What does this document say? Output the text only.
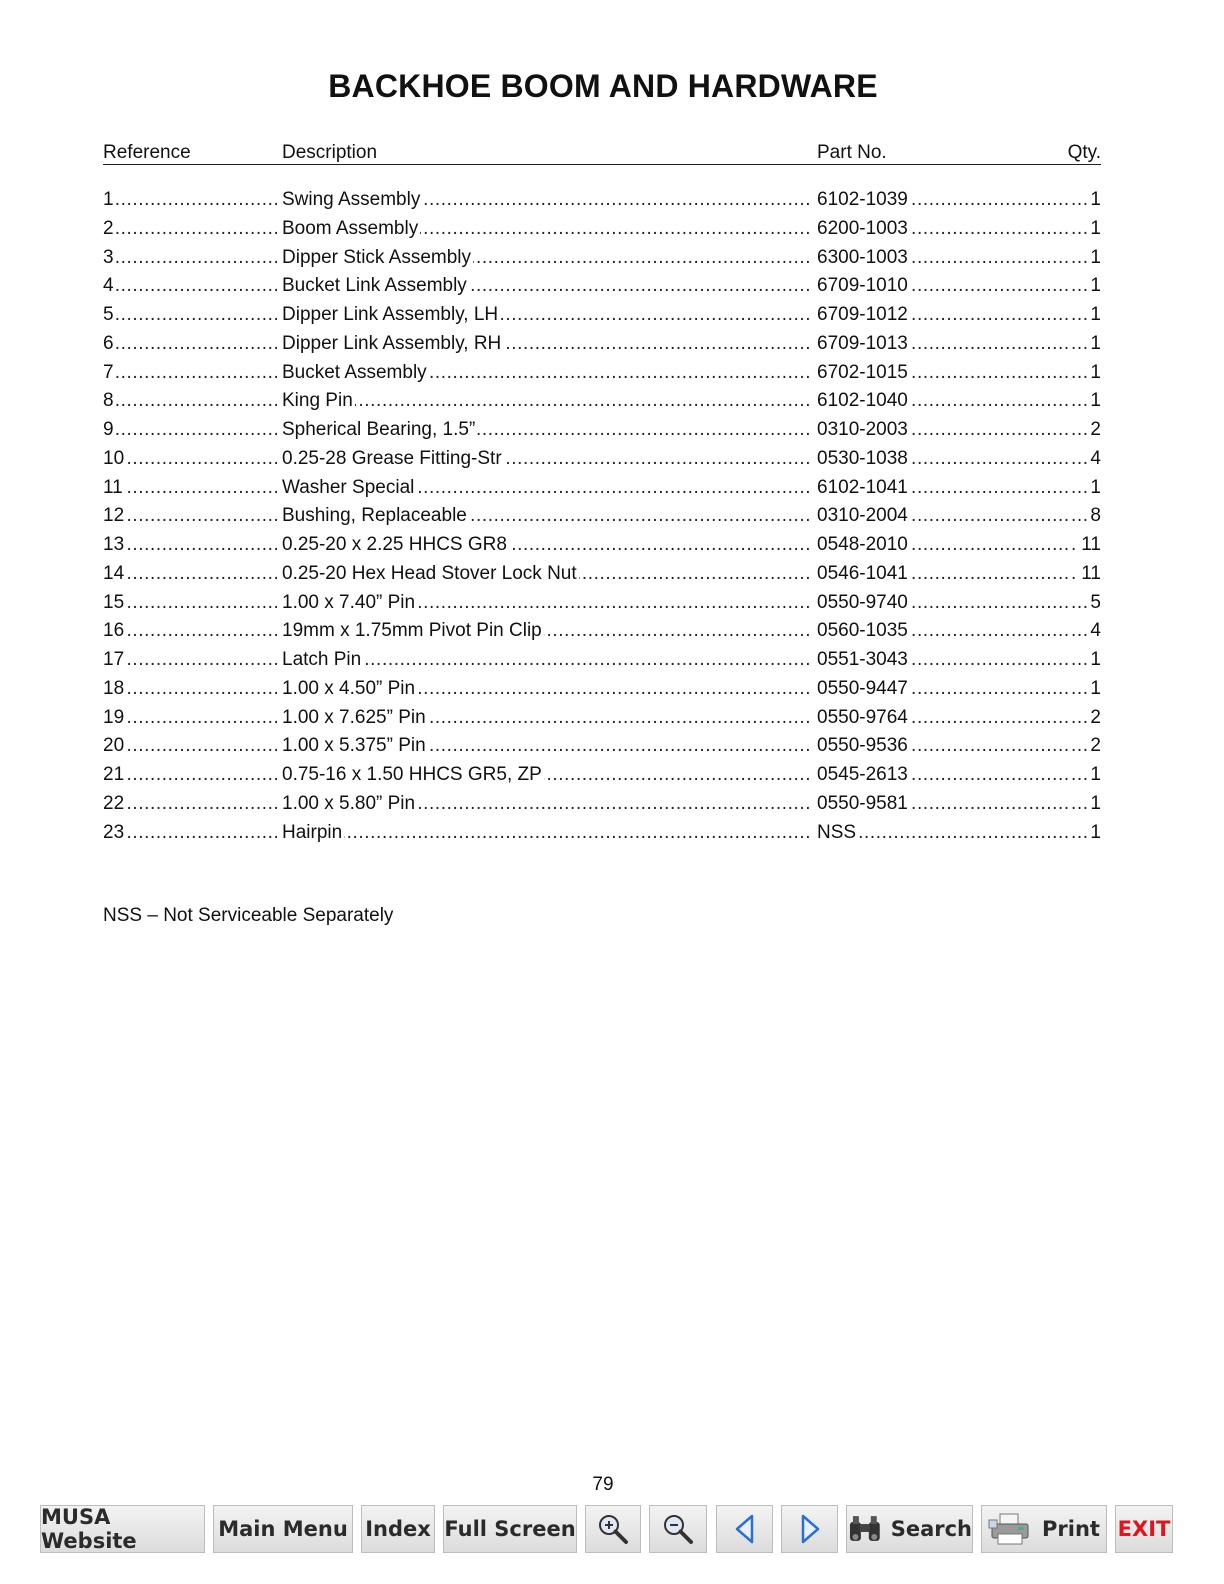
BACKHOE BOOM AND HARDWARE
Reference	Description	Part No.	Qty.
1 .....	Swing Assembly .....	6102-1039 .....	1 .....
2 .....	Boom Assembly .....	6200-1003 .....	1 .....
3 .....	Dipper Stick Assembly .....	6300-1003 .....	1 .....
4 .....	Bucket Link Assembly .....	6709-1010 .....	1 .....
5 .....	Dipper Link Assembly, LH .....	6709-1012 .....	1 .....
6 .....	Dipper Link Assembly, RH .....	6709-1013 .....	1 .....
7 .....	Bucket Assembly .....	6702-1015 .....	1 .....
8 .....	King Pin .....	6102-1040 .....	1 .....
9 .....	Spherical Bearing, 1.5” .....	0310-2003 .....	2 .....
10 .....	0.25-28 Grease Fitting-Str .....	0530-1038 .....	4 .....
11 .....	Washer Special .....	6102-1041 .....	1 .....
12 .....	Bushing, Replaceable .....	0310-2004 .....	8 .....
13 .....	0.25-20 x 2.25 HHCS GR8 .....	0548-2010 .....	11 .....
14 .....	0.25-20 Hex Head Stover Lock Nut .....	0546-1041 .....	11 .....
15 .....	1.00 x 7.40” Pin .....	0550-9740 .....	5 .....
16 .....	19mm x 1.75mm Pivot Pin Clip .....	0560-1035 .....	4 .....
17 .....	Latch Pin .....	0551-3043 .....	1 .....
18 .....	1.00 x 4.50” Pin .....	0550-9447 .....	1 .....
19 .....	1.00 x 7.625” Pin .....	0550-9764 .....	2 .....
20 .....	1.00 x 5.375” Pin .....	0550-9536 .....	2 .....
21 .....	0.75-16 x 1.50 HHCS GR5, ZP .....	0545-2613 .....	1 .....
22 .....	1.00 x 5.80” Pin .....	0550-9581 .....	1 .....
23 .....	Hairpin .....	NSS .....	1 .....
NSS – Not Serviceable Separately
79
MUSA Website	Main Menu Index Full Screen	Search	Print EXIT
